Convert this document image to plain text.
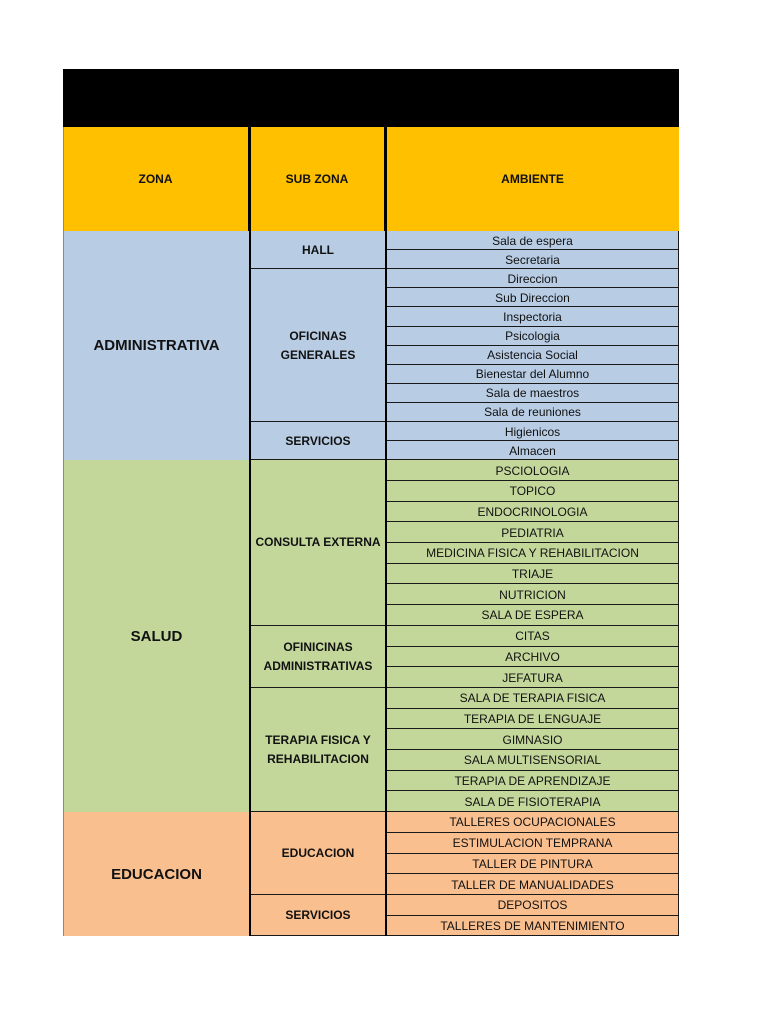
ZONA	SUB ZONA	AMBIENTE
ADMINISTRATIVA
HALL
Sala de espera
Secretaria
OFICINAS GENERALES
Direccion
Sub Direccion
Inspectoria
Psicologia
Asistencia Social
Bienestar del Alumno
Sala de maestros
Sala de reuniones
SERVICIOS
Higienicos
Almacen
SALUD
CONSULTA EXTERNA
PSCIOLOGIA
TOPICO
ENDOCRINOLOGIA
PEDIATRIA
MEDICINA FISICA Y REHABILITACION
TRIAJE
NUTRICION
SALA DE ESPERA
OFINICINAS ADMINISTRATIVAS
CITAS
ARCHIVO
JEFATURA
TERAPIA FISICA Y REHABILITACION
SALA DE TERAPIA FISICA
TERAPIA DE LENGUAJE
GIMNASIO
SALA MULTISENSORIAL
TERAPIA DE APRENDIZAJE
SALA DE FISIOTERAPIA
EDUCACION
EDUCACION
TALLERES OCUPACIONALES
ESTIMULACION TEMPRANA
TALLER DE PINTURA
TALLER DE MANUALIDADES
SERVICIOS
DEPOSITOS
TALLERES DE MANTENIMIENTO
